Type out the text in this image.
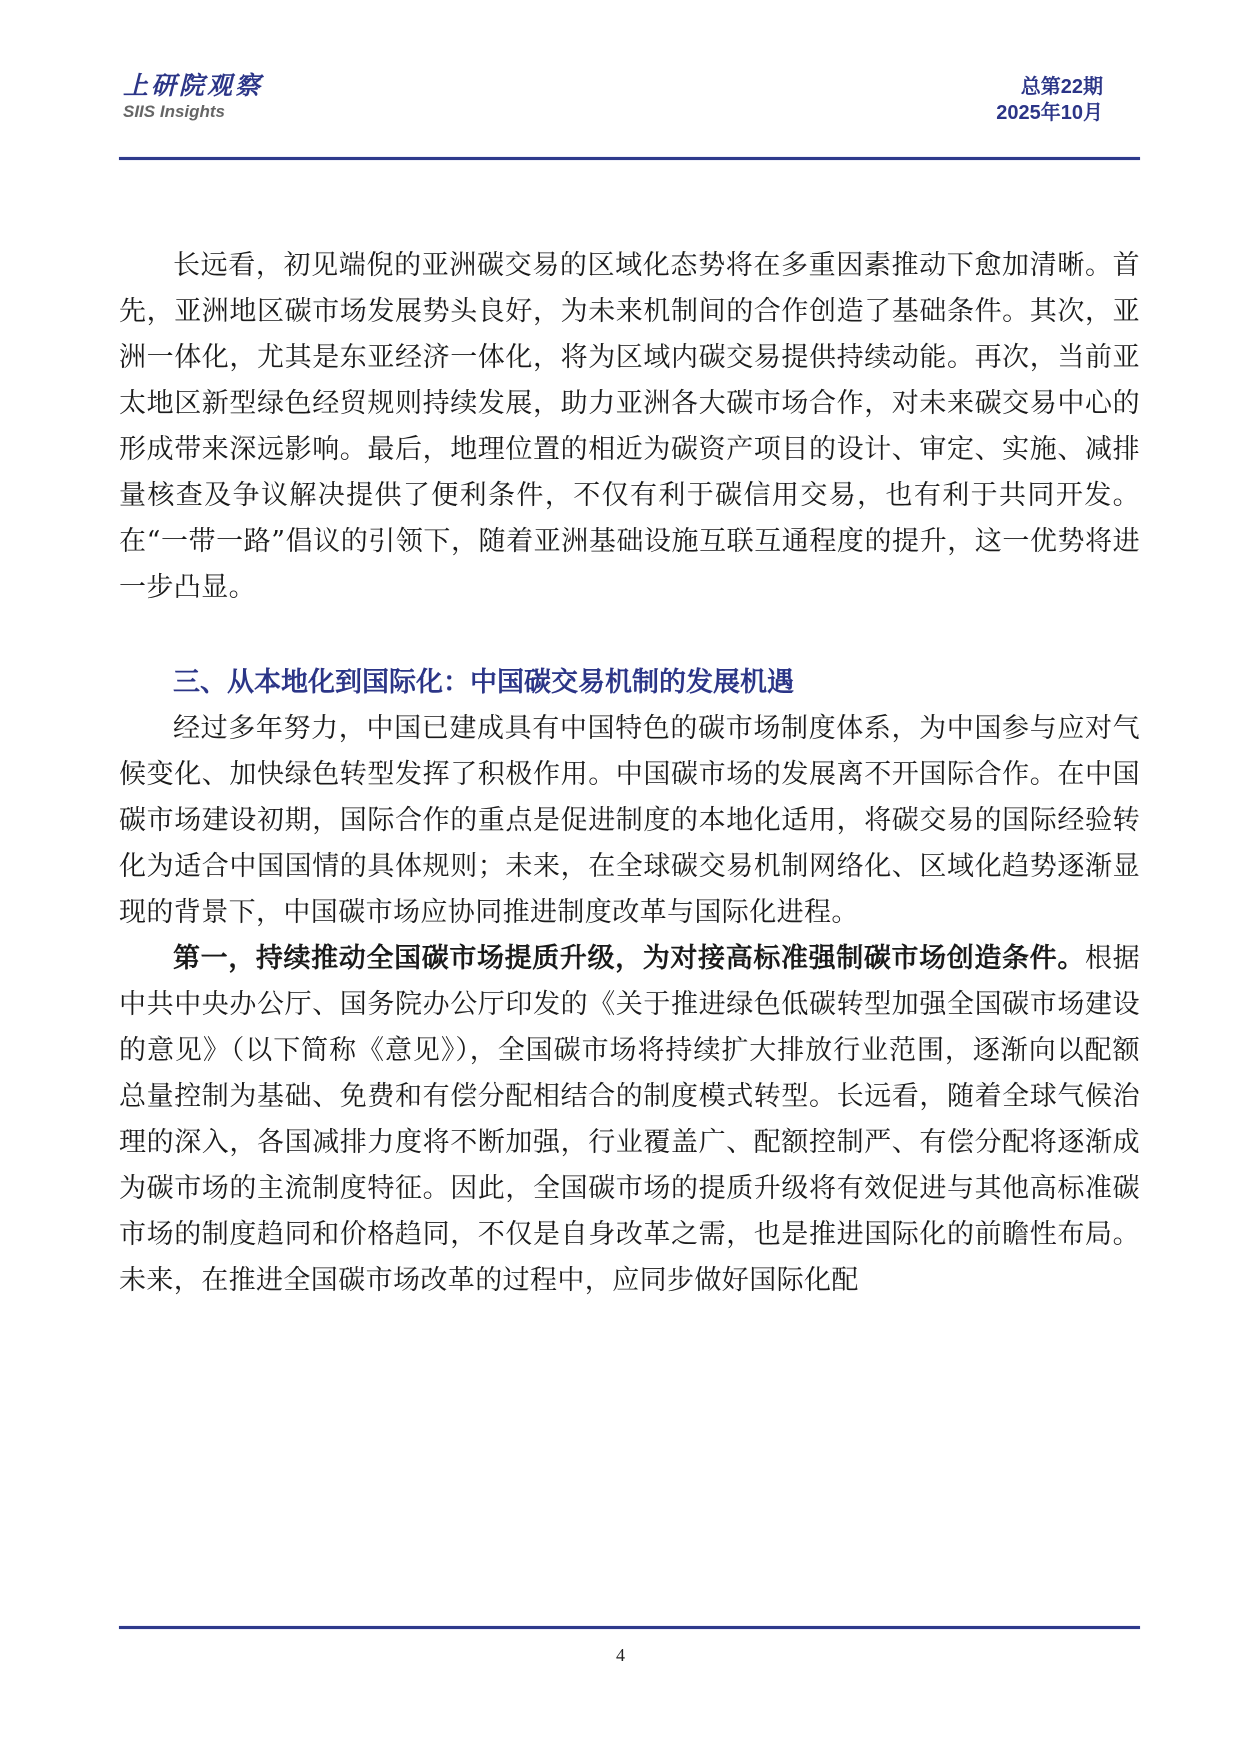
上研院观察
SIIS Insights
总第22期
2025年10月

长远看，初见端倪的亚洲碳交易的区域化态势将在多重因素推动下愈加清晰。首先，亚洲地区碳市场发展势头良好，为未来机制间的合作创造了基础条件。其次，亚洲一体化，尤其是东亚经济一体化，将为区域内碳交易提供持续动能。再次，当前亚太地区新型绿色经贸规则持续发展，助力亚洲各大碳市场合作，对未来碳交易中心的形成带来深远影响。最后，地理位置的相近为碳资产项目的设计、审定、实施、减排量核查及争议解决提供了便利条件，不仅有利于碳信用交易，也有利于共同开发。在“一带一路”倡议的引领下，随着亚洲基础设施互联互通程度的提升，这一优势将进一步凸显。

三、从本地化到国际化：中国碳交易机制的发展机遇

经过多年努力，中国已建成具有中国特色的碳市场制度体系，为中国参与应对气候变化、加快绿色转型发挥了积极作用。中国碳市场的发展离不开国际合作。在中国碳市场建设初期，国际合作的重点是促进制度的本地化适用，将碳交易的国际经验转化为适合中国国情的具体规则；未来，在全球碳交易机制网络化、区域化趋势逐渐显现的背景下，中国碳市场应协同推进制度改革与国际化进程。

第一，持续推动全国碳市场提质升级，为对接高标准强制碳市场创造条件。根据中共中央办公厅、国务院办公厅印发的《关于推进绿色低碳转型加强全国碳市场建设的意见》（以下简称《意见》），全国碳市场将持续扩大排放行业范围，逐渐向以配额总量控制为基础、免费和有偿分配相结合的制度模式转型。长远看，随着全球气候治理的深入，各国减排力度将不断加强，行业覆盖广、配额控制严、有偿分配将逐渐成为碳市场的主流制度特征。因此，全国碳市场的提质升级将有效促进与其他高标准碳市场的制度趋同和价格趋同，不仅是自身改革之需，也是推进国际化的前瞻性布局。未来，在推进全国碳市场改革的过程中，应同步做好国际化配

4
